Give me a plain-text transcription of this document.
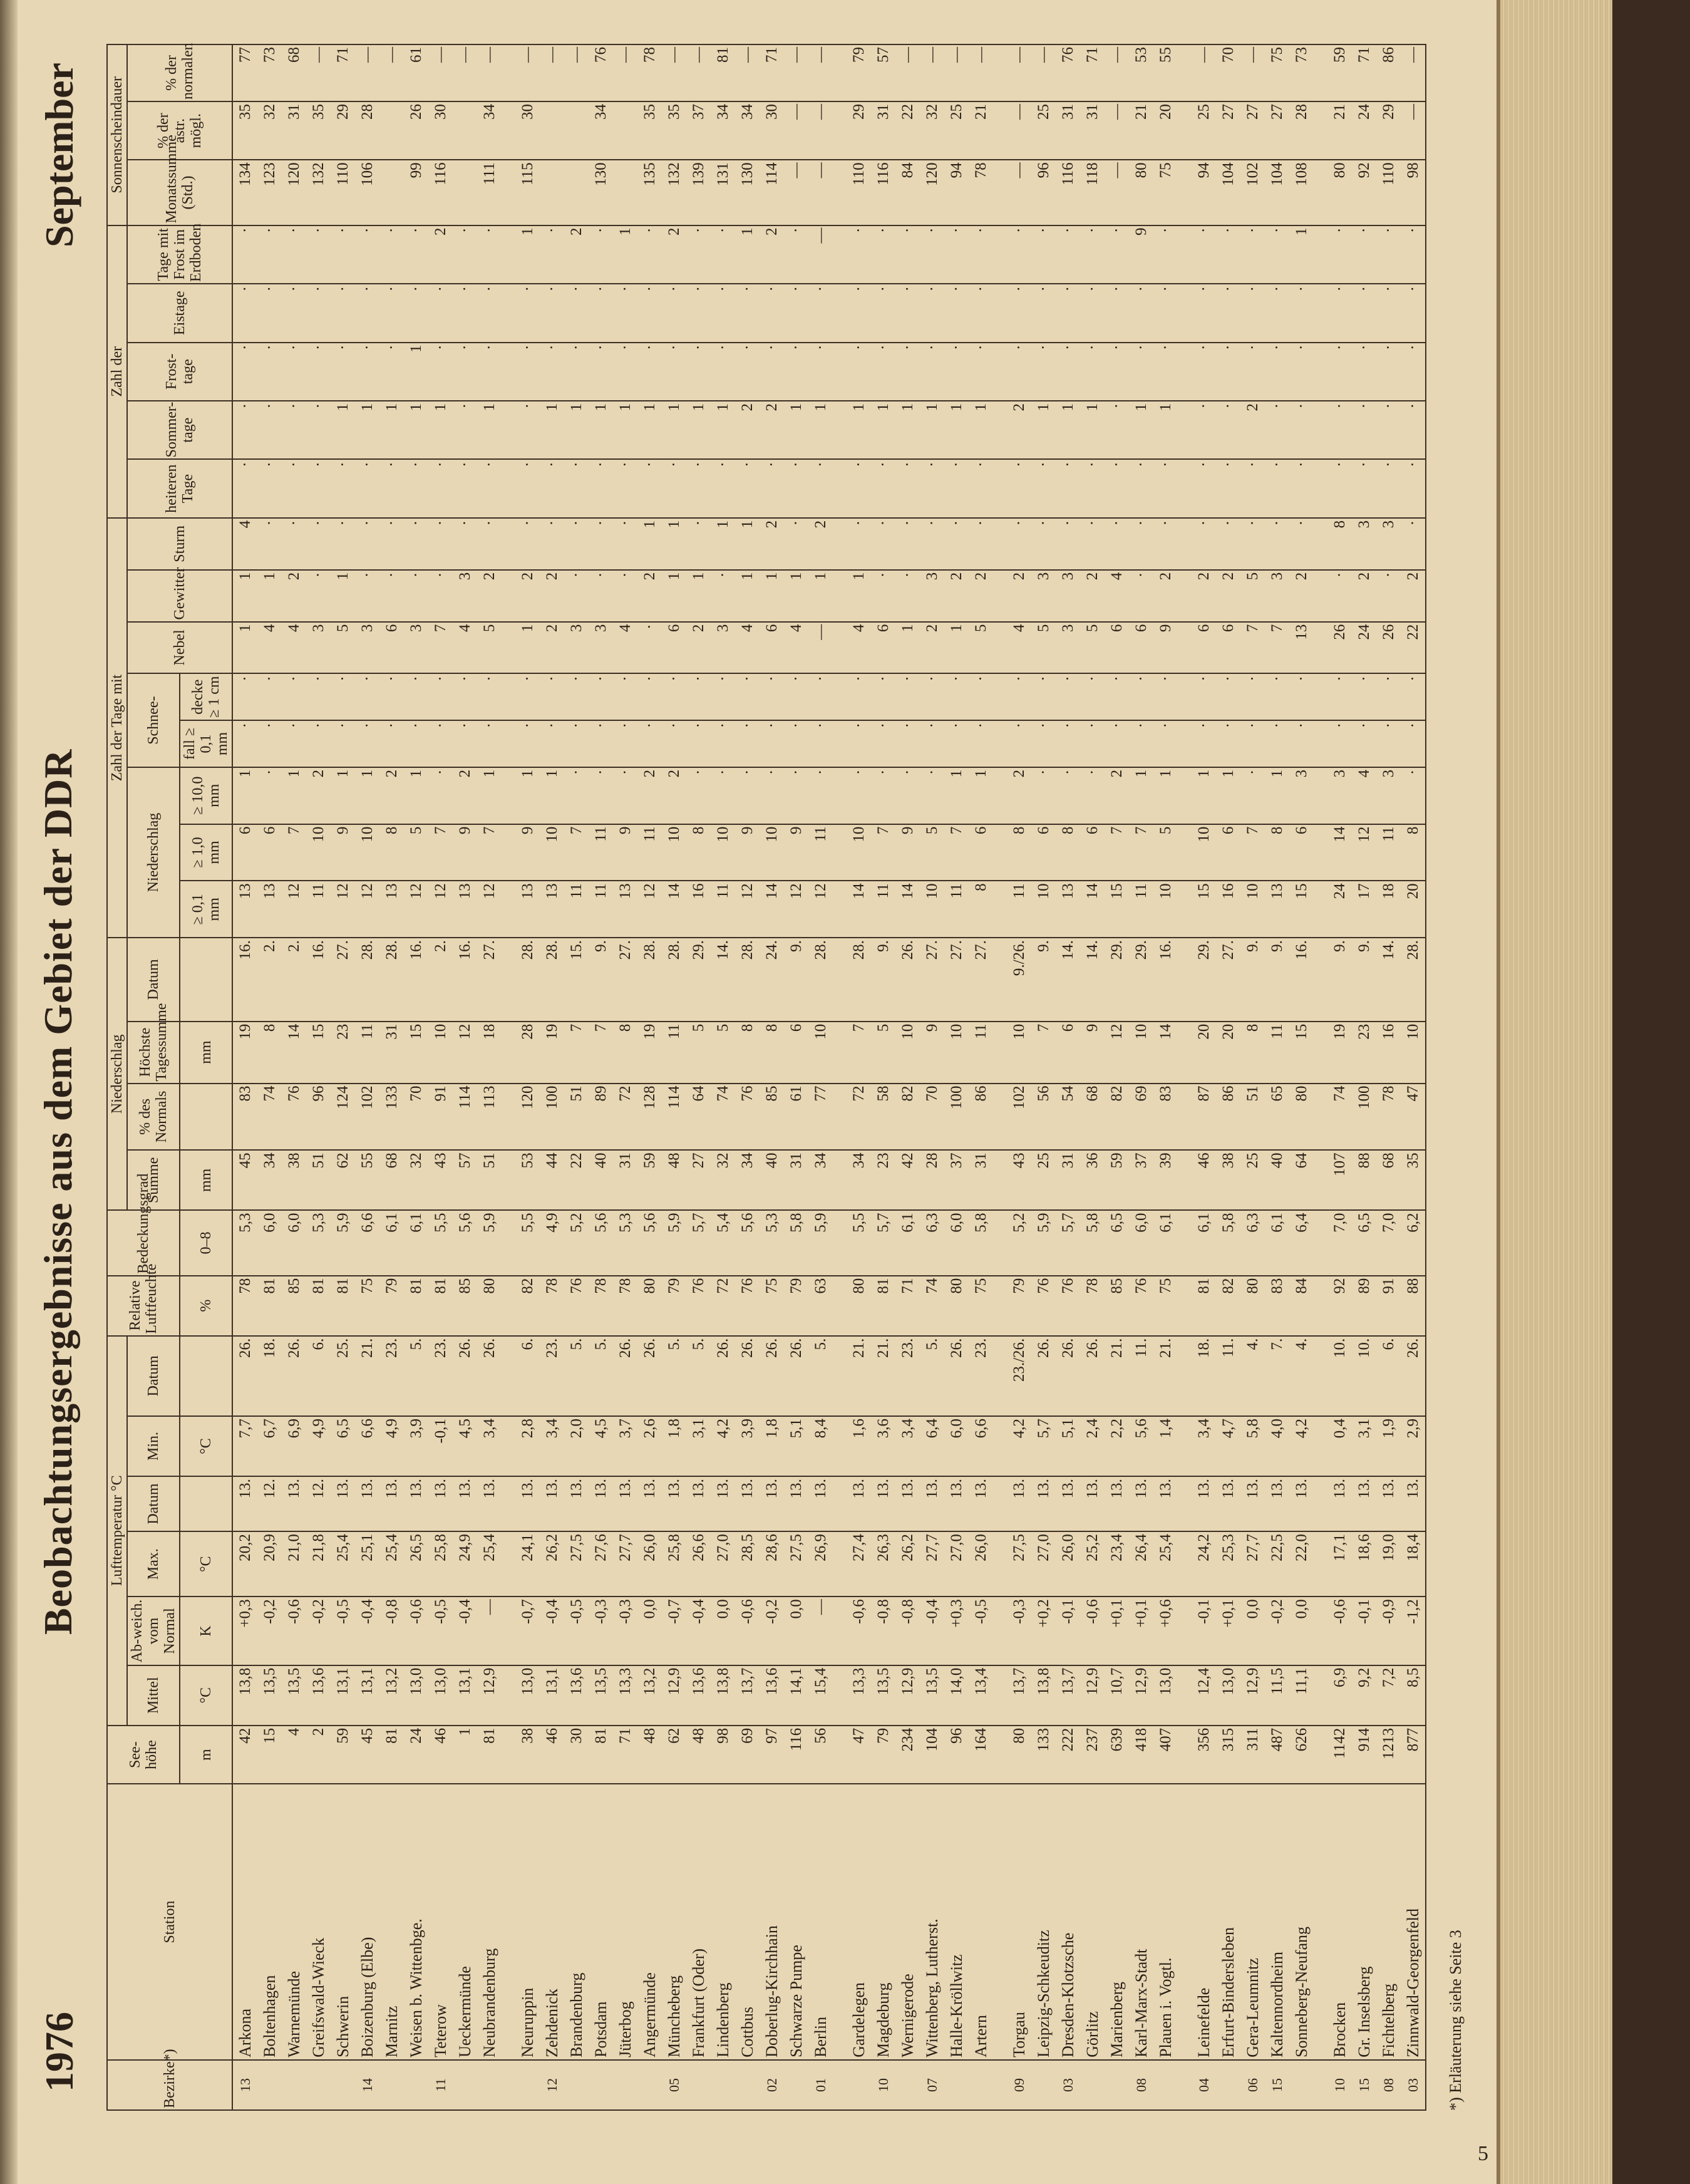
1976
Beobachtungsergebnisse aus dem Gebiet der DDR
September
Bezirke*)	Station	See-höhe	Lufttemperatur °C						Relative Luftfeuchte	Bedeckungsgrad	Niederschlag				Zahl der Tage mit								Zahl der					Sonnenscheindauer		
			Mittel	Ab-weich. vom Normal	Max.	Datum	Min.	Datum			Summe	% des Normals	Höchste Tagessumme	Datum	Niederschlag			Schnee-		Nebel	Gewitter	Sturm	heiteren Tage	Sommer-tage	Frost-tage	Eistage	Tage mit Frost im Erdboden	Monatssumme (Std.)	% der astr. mögl.	% der normalen
		m	°C	K	°C		°C		%	0–8	mm		mm		≥ 0,1 mm	≥ 1,0 mm	≥ 10,0 mm	fall ≥ 0,1 mm	decke ≥ 1 cm											
13	Arkona	42	13,8	+0,3	20,2	13.	7,7	26.	78	5,3	45	83	19	16.	13	6	1	·	·	1	1	4	·	·	·	·	·	134	35	77
	Boltenhagen	15	13,5	-0,2	20,9	12.	6,7	18.	81	6,0	34	74	8	2.	13	6	·	·	·	4	1	·	·	·	·	·	·	123	32	73
	Warnemünde	4	13,5	-0,6	21,0	13.	6,9	26.	85	6,0	38	76	14	2.	12	7	1	·	·	4	2	·	·	·	·	·	·	120	31	68
	Greifswald-Wieck	2	13,6	-0,2	21,8	12.	4,9	6.	81	5,3	51	96	15	16.	11	10	2	·	·	3	·	·	·	·	·	·	·	132	35	—
	Schwerin	59	13,1	-0,5	25,4	13.	6,5	25.	81	5,9	62	124	23	27.	12	9	1	·	·	5	1	·	·	1	·	·	·	110	29	71
14	Boizenburg (Elbe)	45	13,1	-0,4	25,1	13.	6,6	21.	75	6,6	55	102	11	28.	12	10	1	·	·	3	·	·	·	1	·	·	·	106	28	—
	Marnitz	81	13,2	-0,8	25,4	13.	4,9	23.	79	6,1	68	133	31	28.	13	8	2	·	·	6	·	·	·	1	·	·	·			—
	Weisen b. Wittenbge.	24	13,0	-0,6	26,5	13.	3,9	5.	81	6,1	32	70	15	16.	12	5	1	·	·	3	·	·	·	1	1	·	·	99	26	61
11	Teterow	46	13,0	-0,5	25,8	13.	-0,1	23.	81	5,5	43	91	10	2.	12	7	·	·	·	7	·	·	·	1	·	·	2	116	30	—
	Ueckermünde	1	13,1	-0,4	24,9	13.	4,5	26.	85	5,6	57	114	12	16.	13	9	2	·	·	4	3	·	·	·	·	·	·			—
	Neubrandenburg	81	12,9	—	25,4	13.	3,4	26.	80	5,9	51	113	18	27.	12	7	1	·	·	5	2	·	·	1	·	·	·	111	34	—

	Neuruppin	38	13,0	-0,7	24,1	13.	2,8	6.	82	5,5	53	120	28	28.	13	9	1	·	·	1	2	·	·	·	·	·	1	115	30	—
12	Zehdenick	46	13,1	-0,4	26,2	13.	3,4	23.	78	4,9	44	100	19	28.	13	10	1	·	·	2	2	·	·	1	·	·	·			—
	Brandenburg	30	13,6	-0,5	27,5	13.	2,0	5.	76	5,2	22	51	7	15.	11	7	·	·	·	3	·	·	·	1	·	·	2			—
	Potsdam	81	13,5	-0,3	27,6	13.	4,5	5.	78	5,6	40	89	7	9.	11	11	·	·	·	3	·	·	·	1	·	·	·	130	34	76
	Jüterbog	71	13,3	-0,3	27,7	13.	3,7	26.	78	5,3	31	72	8	27.	13	9	·	·	·	4	·	·	·	1	·	·	1			—
	Angermünde	48	13,2	0,0	26,0	13.	2,6	26.	80	5,6	59	128	19	28.	12	11	2	·	·	·	2	1	·	1	·	·	·	135	35	78
05	Müncheberg	62	12,9	-0,7	25,8	13.	1,8	5.	79	5,9	48	114	11	28.	14	10	2	·	·	6	1	1	·	1	·	·	2	132	35	—
	Frankfurt (Oder)	48	13,6	-0,4	26,6	13.	3,1	5.	76	5,7	27	64	5	29.	16	8	·	·	·	2	1	·	·	1	·	·	·	139	37	—
	Lindenberg	98	13,8	0,0	27,0	13.	4,2	26.	72	5,4	32	74	5	14.	11	10	·	·	·	3	·	1	·	1	·	·	·	131	34	81
	Cottbus	69	13,7	-0,6	28,5	13.	3,9	26.	76	5,6	34	76	8	28.	12	9	·	·	·	4	1	1	·	2	·	·	1	130	34	—
02	Doberlug-Kirchhain	97	13,6	-0,2	28,6	13.	1,8	26.	75	5,3	40	85	8	24.	14	10	·	·	·	6	1	2	·	2	·	·	2	114	30	71
	Schwarze Pumpe	116	14,1	0,0	27,5	13.	5,1	26.	79	5,8	31	61	6	9.	12	9	·	·	·	4	1	·	·	1	·	·	·	—	—	—
01	Berlin	56	15,4	—	26,9	13.	8,4	5.	63	5,9	34	77	10	28.	12	11	·	·	·	—	1	2	·	1	·	·	—	—	—	—

	Gardelegen	47	13,3	-0,6	27,4	13.	1,6	21.	80	5,5	34	72	7	28.	14	10	·	·	·	4	1	·	·	1	·	·	·	110	29	79
10	Magdeburg	79	13,5	-0,8	26,3	13.	3,6	21.	81	5,7	23	58	5	9.	11	7	·	·	·	6	·	·	·	1	·	·	·	116	31	57
	Wernigerode	234	12,9	-0,8	26,2	13.	3,4	23.	71	6,1	42	82	10	26.	14	9	·	·	·	1	·	·	·	1	·	·	·	84	22	—
07	Wittenberg, Lutherst.	104	13,5	-0,4	27,7	13.	6,4	5.	74	6,3	28	70	9	27.	10	5	·	·	·	2	3	·	·	1	·	·	·	120	32	—
	Halle-Kröllwitz	96	14,0	+0,3	27,0	13.	6,0	26.	80	6,0	37	100	10	27.	11	7	1	·	·	1	2	·	·	1	·	·	·	94	25	—
	Artern	164	13,4	-0,5	26,0	13.	6,6	23.	75	5,8	31	86	11	27.	8	6	1	·	·	5	2	·	·	1	·	·	·	78	21	—

09	Torgau	80	13,7	-0,3	27,5	13.	4,2	23./26.	79	5,2	43	102	10	9./26.	11	8	2	·	·	4	2	·	·	2	·	·	·	—	—	—
	Leipzig-Schkeuditz	133	13,8	+0,2	27,0	13.	5,7	26.	76	5,9	25	56	7	9.	10	6	·	·	·	5	3	·	·	1	·	·	·	96	25	—
03	Dresden-Klotzsche	222	13,7	-0,1	26,0	13.	5,1	26.	76	5,7	31	54	6	14.	13	8	·	·	·	3	3	·	·	1	·	·	·	116	31	76
	Görlitz	237	12,9	-0,6	25,2	13.	2,4	26.	78	5,8	36	68	9	14.	14	6	·	·	·	5	2	·	·	1	·	·	·	118	31	71
	Marienberg	639	10,7	+0,1	23,4	13.	2,2	21.	85	6,5	59	82	12	29.	15	7	2	·	·	6	4	·	·	·	·	·	·	—	—	—
08	Karl-Marx-Stadt	418	12,9	+0,1	26,4	13.	5,6	11.	76	6,0	37	69	10	29.	11	7	1	·	·	6	·	·	·	1	·	·	9	80	21	53
	Plauen i. Vogtl.	407	13,0	+0,6	25,4	13.	1,4	21.	75	6,1	39	83	14	16.	10	5	1	·	·	9	2	·	·	1	·	·	·	75	20	55

04	Leinefelde	356	12,4	-0,1	24,2	13.	3,4	18.	81	6,1	46	87	20	29.	15	10	1	·	·	6	2	·	·	·	·	·	·	94	25	—
	Erfurt-Bindersleben	315	13,0	+0,1	25,3	13.	4,7	11.	82	5,8	38	86	20	27.	16	6	1	·	·	6	2	·	·	·	·	·	·	104	27	70
06	Gera-Leumnitz	311	12,9	0,0	27,7	13.	5,8	4.	80	6,3	25	51	8	9.	10	7	·	·	·	7	5	·	·	2	·	·	·	102	27	—
15	Kaltennordheim	487	11,5	-0,2	22,5	13.	4,0	7.	83	6,1	40	65	11	9.	13	8	1	·	·	7	3	·	·	·	·	·	·	104	27	75
	Sonneberg-Neufang	626	11,1	0,0	22,0	13.	4,2	4.	84	6,4	64	80	15	16.	15	6	3	·	·	13	2	·	·	·	·	·	1	108	28	73

10	Brocken	1142	6,9	-0,6	17,1	13.	0,4	10.	92	7,0	107	74	19	9.	24	14	3	·	·	26	·	8	·	·	·	·	·	80	21	59
15	Gr. Inselsberg	914	9,2	-0,1	18,6	13.	3,1	10.	89	6,5	88	100	23	9.	17	12	4	·	·	24	2	3	·	·	·	·	·	92	24	71
08	Fichtelberg	1213	7,2	-0,9	19,0	13.	1,9	6.	91	7,0	68	78	16	14.	18	11	3	·	·	26	·	3	·	·	·	·	·	110	29	86
03	Zinnwald-Georgenfeld	877	8,5	-1,2	18,4	13.	2,9	26.	88	6,2	35	47	10	28.	20	8	·	·	·	22	2	·	·	·	·	·	·	98	—	—
*) Erläuterung siehe Seite 3
5
